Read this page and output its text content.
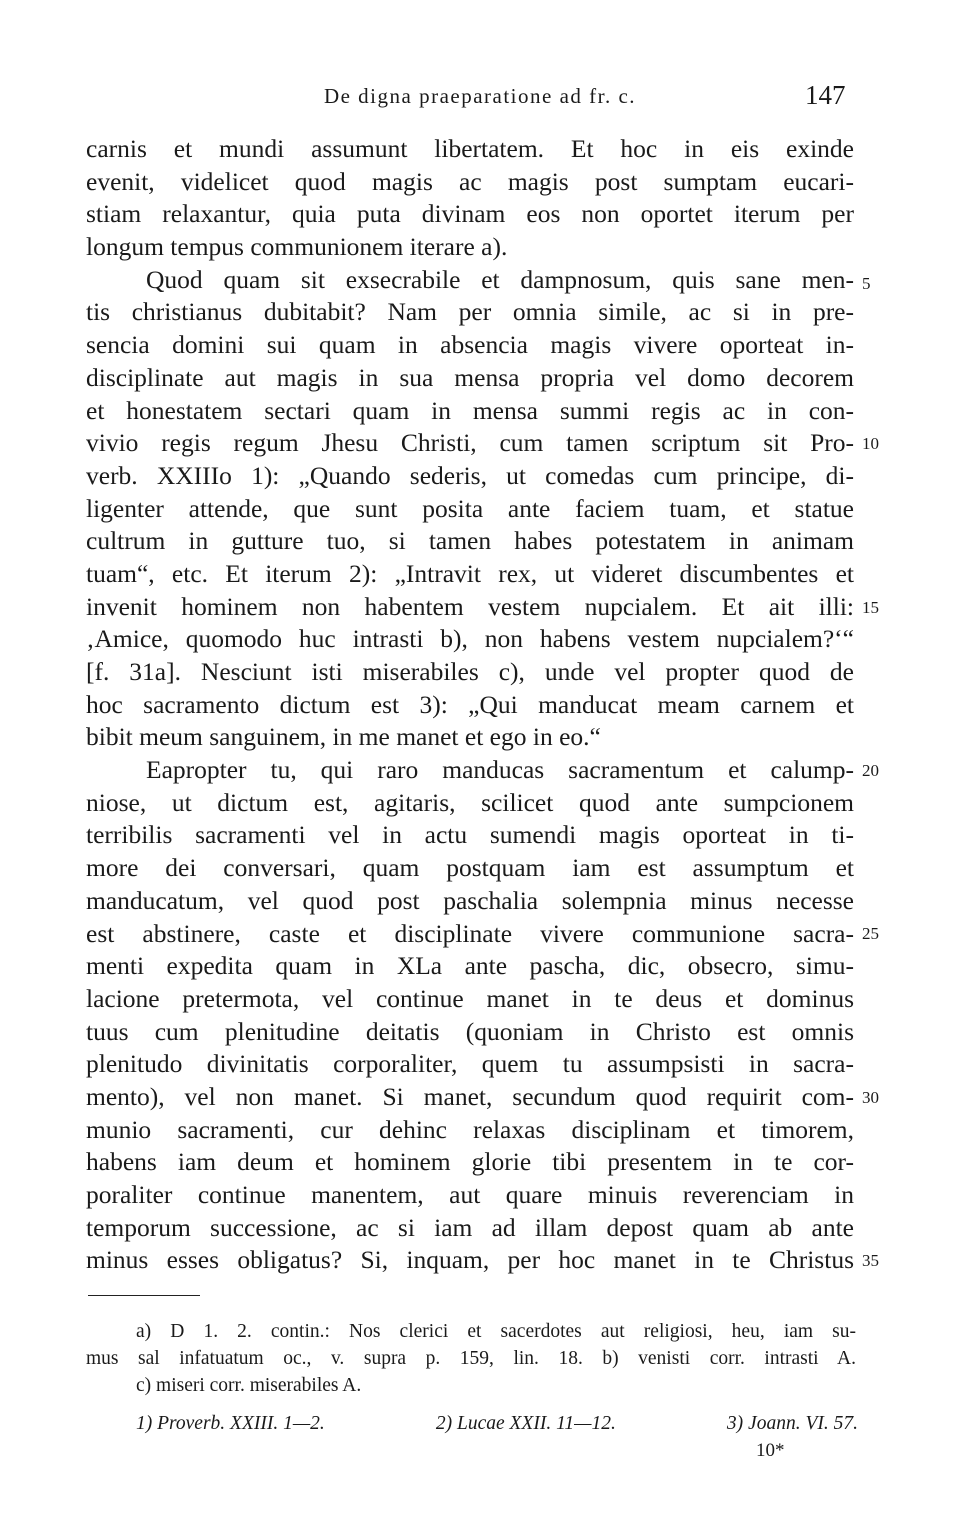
De digna praeparatione ad fr. c.	147
carnis et mundi assumunt libertatem. Et hoc in eis exinde
evenit, videlicet quod magis ac magis post sumptam eucari-
stiam relaxantur, quia puta divinam eos non oportet iterum per
longum tempus communionem iterare a).
Quod quam sit exsecrabile et dampnosum, quis sane men-
tis christianus dubitabit? Nam per omnia simile, ac si in pre-
sencia domini sui quam in absencia magis vivere oporteat in-
disciplinate aut magis in sua mensa propria vel domo decorem
et honestatem sectari quam in mensa summi regis ac in con-
vivio regis regum Jhesu Christi, cum tamen scriptum sit Pro-
verb. XXIIIo 1): „Quando sederis, ut comedas cum principe, di-
ligenter attende, que sunt posita ante faciem tuam, et statue
cultrum in gutture tuo, si tamen habes potestatem in animam
tuam“, etc. Et iterum 2): „Intravit rex, ut videret discumbentes et
invenit hominem non habentem vestem nupcialem. Et ait illi:
‚Amice, quomodo huc intrasti b), non habens vestem nupcialem?‘“
[f. 31a]. Nesciunt isti miserabiles c), unde vel propter quod de
hoc sacramento dictum est 3): „Qui manducat meam carnem et
bibit meum sanguinem, in me manet et ego in eo.“
Eapropter tu, qui raro manducas sacramentum et calump-
niose, ut dictum est, agitaris, scilicet quod ante sumpcionem
terribilis sacramenti vel in actu sumendi magis oporteat in ti-
more dei conversari, quam postquam iam est assumptum et
manducatum, vel quod post paschalia solempnia minus necesse
est abstinere, caste et disciplinate vivere communione sacra-
menti expedita quam in XLa ante pascha, dic, obsecro, simu-
lacione pretermota, vel continue manet in te deus et dominus
tuus cum plenitudine deitatis (quoniam in Christo est omnis
plenitudo divinitatis corporaliter, quem tu assumpsisti in sacra-
mento), vel non manet. Si manet, secundum quod requirit com-
munio sacramenti, cur dehinc relaxas disciplinam et timorem,
habens iam deum et hominem glorie tibi presentem in te cor-
poraliter continue manentem, aut quare minuis reverenciam in
temporum successione, ac si iam ad illam depost quam ab ante
minus esses obligatus? Si, inquam, per hoc manet in te Christus
5
10
15
20
25
30
35
a) D 1. 2. contin.: Nos clerici et sacerdotes aut religiosi, heu, iam su-
mus sal infatuatum oc., v. supra p. 159, lin. 18. b) venisti corr. intrasti A.
c) miseri corr. miserabiles A.
1) Proverb. XXIII. 1—2.	2) Lucae XXII. 11—12.	3) Joann. VI. 57.
10*
